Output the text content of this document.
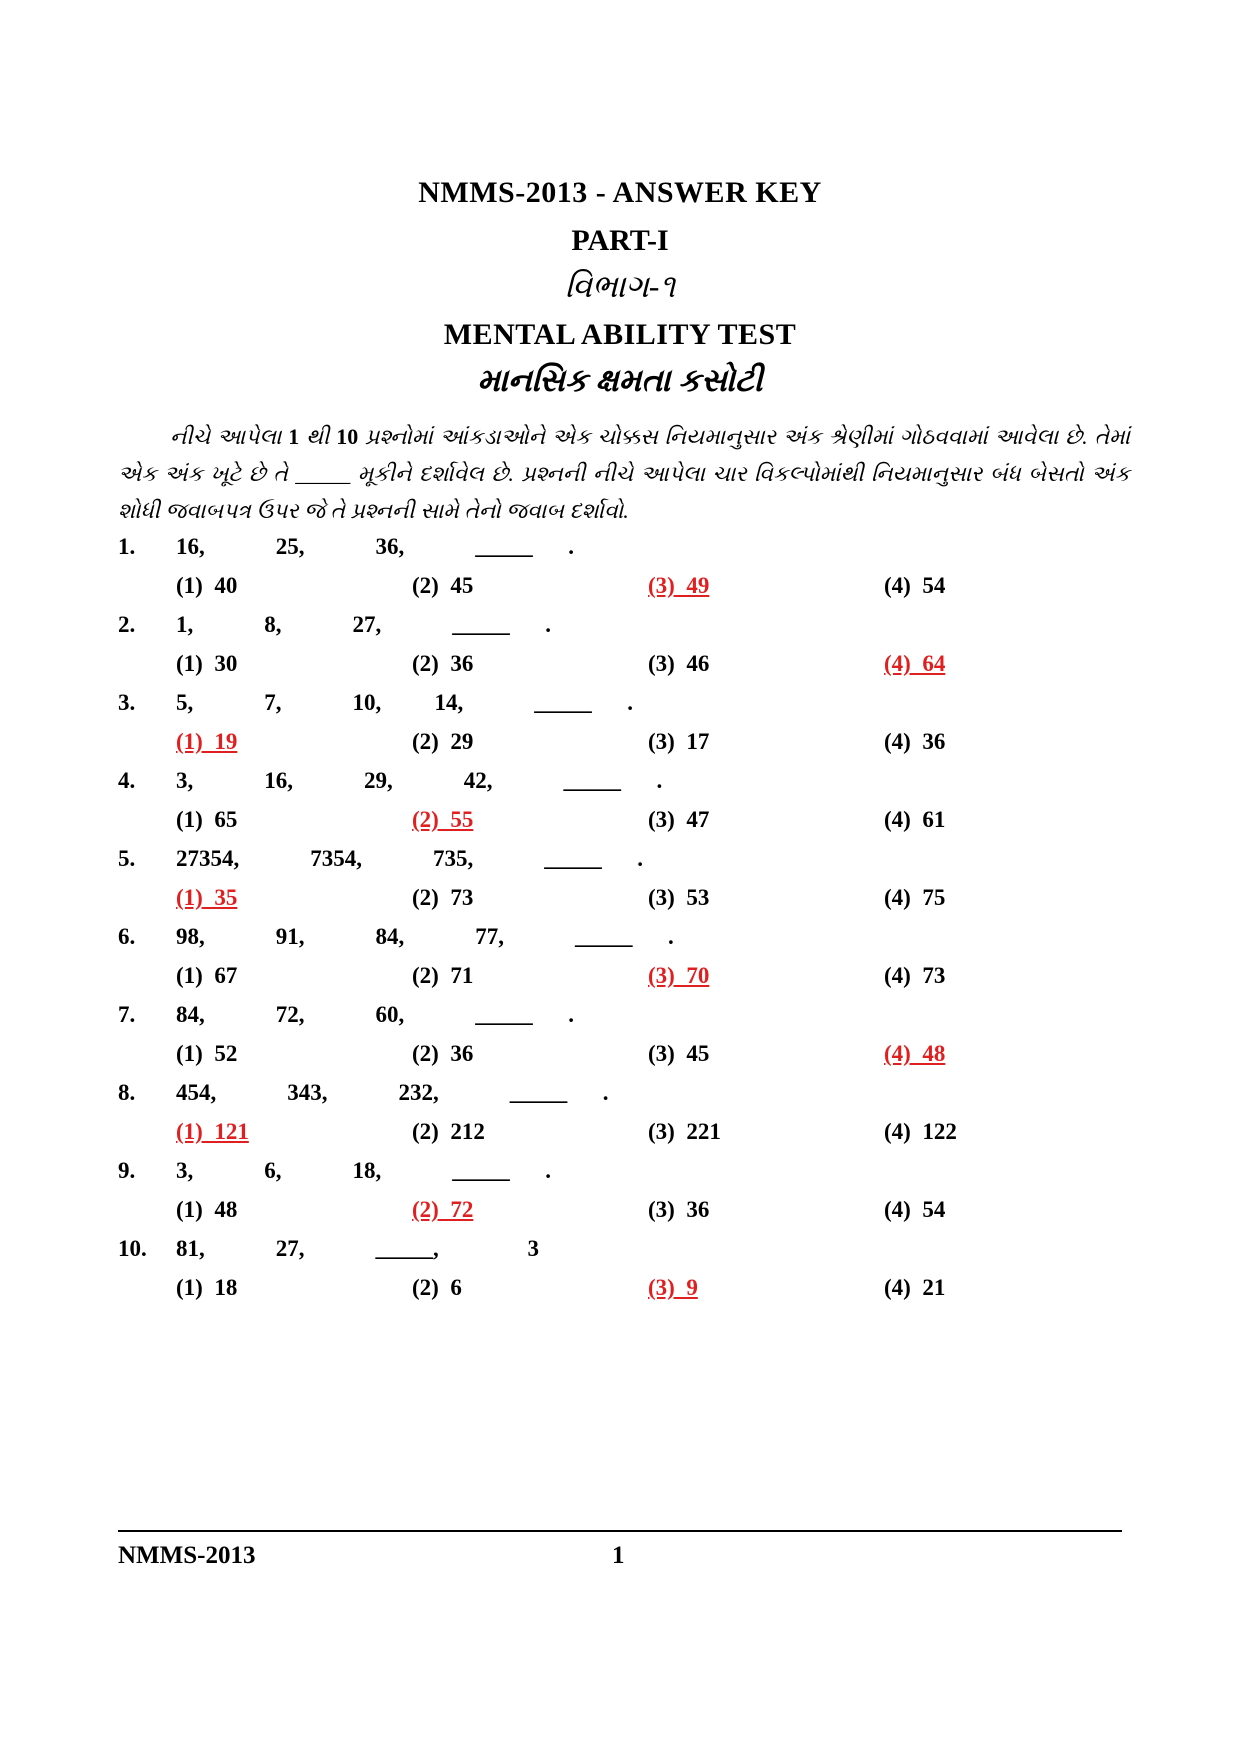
NMMS-2013 - ANSWER KEY
PART-I
વિભાગ-૧
MENTAL ABILITY TEST
માનસિક ક્ષમતા કસોટી
નીચે આપેલા 1 થી 10 પ્રશ્નોમાં આંકડાઓને એક ચોક્કસ નિયમાનુસાર અંક શ્રેણીમાં ગોઠવવામાં આવેલા છે. તેમાં એક અંક ખૂટે છે તે _____ મૂકીને દર્શાવેલ છે. પ્રશ્નની નીચે આપેલા ચાર વિકલ્પોમાંથી નિયમાનુસાર બંધ બેસતો અંક શોધી જવાબપત્ર ઉપર જે તે પ્રશ્નની સામે તેનો જવાબ દર્શાવો.
1. 16,    25,    36,    _____  .
(1)  40	(2)  45	(3)  49	(4)  54
2. 1,    8,    27,    _____  .
(1)  30	(2)  36	(3)  46	(4)  64
3. 5,    7,    10,   14,    _____  .
(1)  19	(2)  29	(3)  17	(4)  36
4. 3,    16,    29,    42,    _____  .
(1)  65	(2)  55	(3)  47	(4)  61
5. 27354,    7354,    735,    _____  .
(1)  35	(2)  73	(3)  53	(4)  75
6. 98,    91,    84,    77,    _____  .
(1)  67	(2)  71	(3)  70	(4)  73
7. 84,    72,    60,    _____  .
(1)  52	(2)  36	(3)  45	(4)  48
8. 454,    343,    232,    _____  .
(1)  121	(2)  212	(3)  221	(4)  122
9. 3,    6,    18,    _____  .
(1)  48	(2)  72	(3)  36	(4)  54
10. 81,    27,    _____,     3
(1)  18	(2)  6	(3)  9	(4)  21
NMMS-2013	1
